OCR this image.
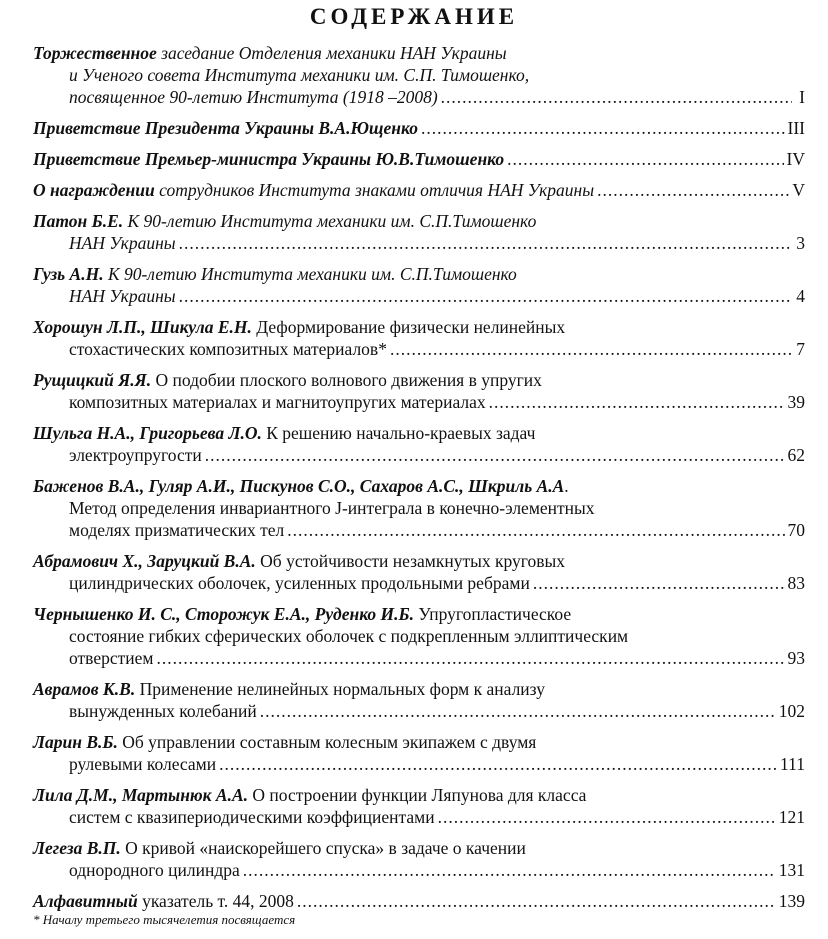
СОДЕРЖАНИЕ
Торжественное заседание Отделения механики НАН Украины
и Ученого совета Института механики им. С.П. Тимошенко,
посвященное 90-летию Института (1918 –2008) .....	I
Приветствие Президента Украины В.А.Ющенко .....	III
Приветствие Премьер-министра Украины Ю.В.Тимошенко .....	IV
О награждении сотрудников Института знаками отличия НАН Украины .....	V
Патон Б.Е. К 90-летию Института механики им. С.П.Тимошенко
НАН Украины .....	3
Гузь А.Н. К 90-летию Института механики им. С.П.Тимошенко
НАН Украины .....	4
Хорошун Л.П., Шикула Е.Н. Деформирование физически нелинейных
стохастических композитных материалов* .....	7
Рущицкий Я.Я. О подобии плоского волнового движения в упругих
композитных материалах и магнитоупругих материалах .....	39
Шульга Н.А., Григорьева Л.О. К решению начально-краевых задач
электроупругости .....	62
Баженов В.А., Гуляр А.И., Пискунов С.О., Сахаров А.С., Шкриль А.А.
Метод определения инвариантного J-интеграла в конечно-элементных
моделях призматических тел .....	70
Абрамович Х., Заруцкий В.А. Об устойчивости незамкнутых круговых
цилиндрических оболочек, усиленных продольными ребрами .....	83
Чернышенко И. С., Сторожук Е.А., Руденко И.Б. Упругопластическое
состояние гибких сферических оболочек с подкрепленным эллиптическим
отверстием .....	93
Аврамов К.В. Применение нелинейных нормальных форм к анализу
вынужденных колебаний .....	102
Ларин В.Б. Об управлении составным колесным экипажем с двумя
рулевыми колесами .....	111
Лила Д.М., Мартынюк А.А. О построении функции Ляпунова для класса
систем с квазипериодическими коэффициентами .....	121
Легеза В.П. О кривой «наискорейшего спуска» в задаче о качении
однородного цилиндра .....	131
Алфавитный указатель т. 44, 2008 .....	139
* Началу третьего тысячелетия посвящается
